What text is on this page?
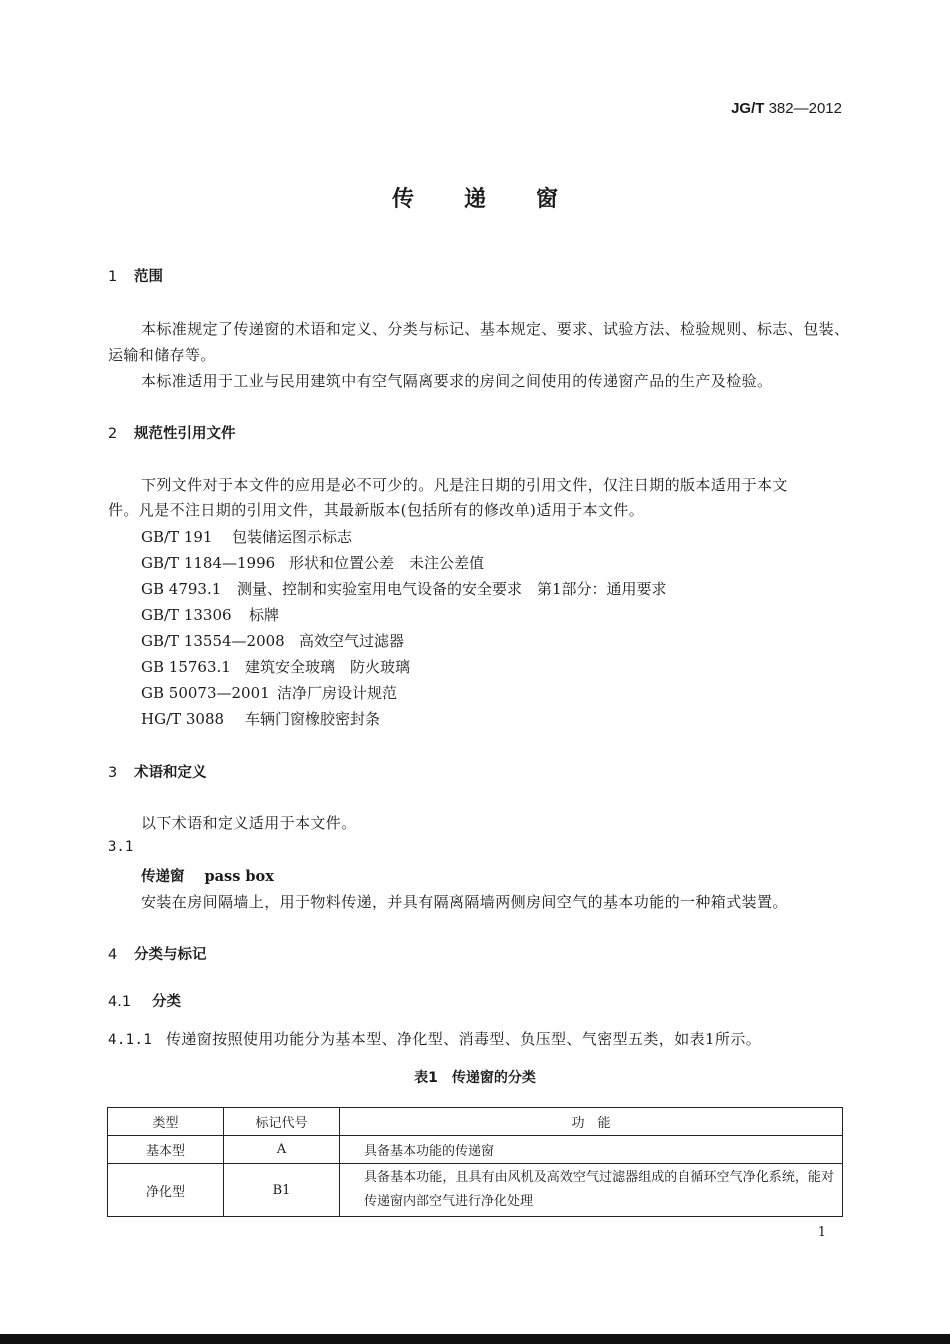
JG/T 382—2012
传递窗
1 范围
本标准规定了传递窗的术语和定义、分类与标记、基本规定、要求、试验方法、检验规则、标志、包装、
运输和储存等。
本标准适用于工业与民用建筑中有空气隔离要求的房间之间使用的传递窗产品的生产及检验。
2 规范性引用文件
下列文件对于本文件的应用是必不可少的。凡是注日期的引用文件，仅注日期的版本适用于本文
件。凡是不注日期的引用文件，其最新版本(包括所有的修改单)适用于本文件。
GB/T 191 包装储运图示标志
GB/T 1184—1996 形状和位置公差　未注公差值
GB 4793.1 测量、控制和实验室用电气设备的安全要求　第1部分：通用要求
GB/T 13306 标牌
GB/T 13554—2008 高效空气过滤器
GB 15763.1 建筑安全玻璃　防火玻璃
GB 50073—2001 洁净厂房设计规范
HG/T 3088 车辆门窗橡胶密封条
3 术语和定义
以下术语和定义适用于本文件。
3.1
传递窗 pass box
安装在房间隔墙上，用于物料传递，并具有隔离隔墙两侧房间空气的基本功能的一种箱式装置。
4 分类与标记
4.1 分类
4.1.1 传递窗按照使用功能分为基本型、净化型、消毒型、负压型、气密型五类，如表1所示。
表1　传递窗的分类
类型	标记代号	功　能
基本型	A	具备基本功能的传递窗
净化型	B1	具备基本功能，且具有由风机及高效空气过滤器组成的自循环空气净化系统，能对传递窗内部空气进行净化处理
1
